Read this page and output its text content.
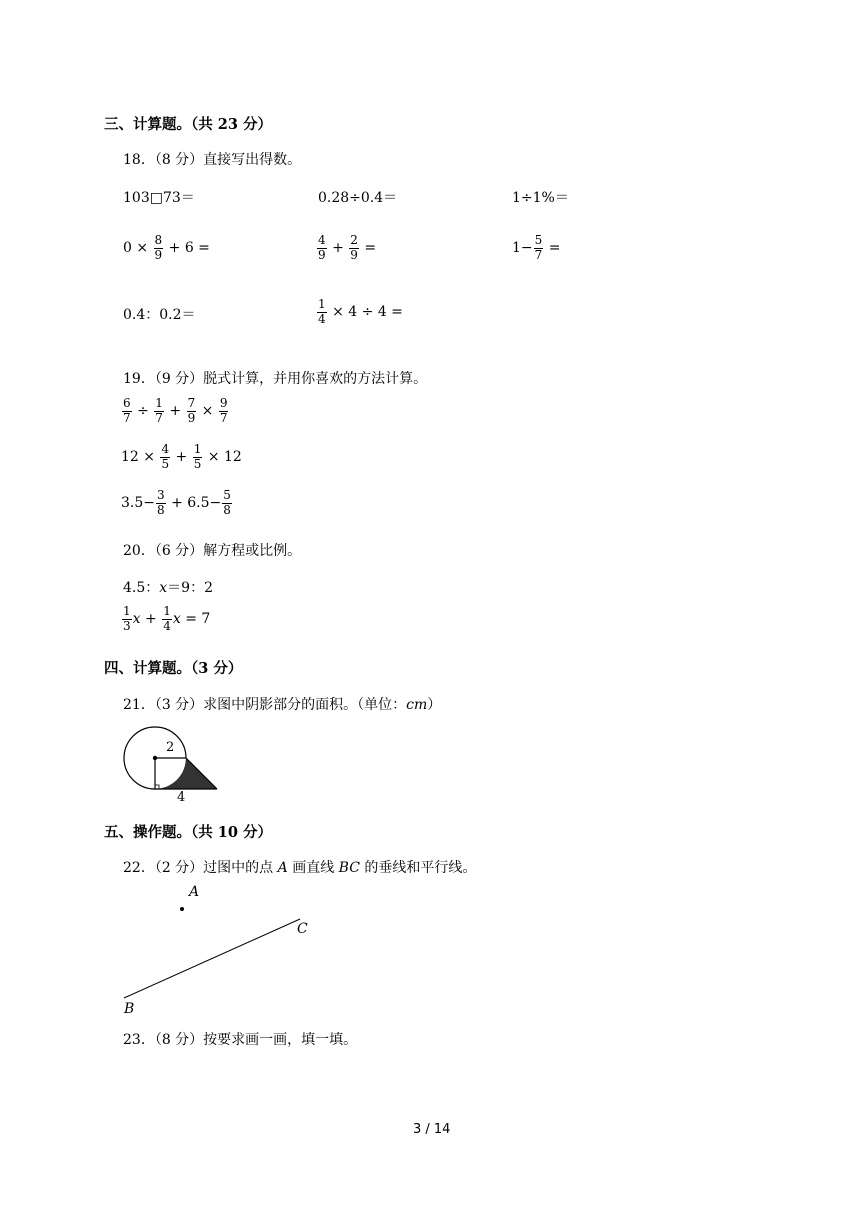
三、计算题。（共 23 分）
18．（8 分）直接写出得数。
103□73＝	0.28÷0.4＝	1÷1%＝
$0 \times \frac{8}{9} + 6$ =	$\frac{4}{9} + \frac{2}{9}$ =	$1- \frac{5}{7}$ =
0.4：0.2＝	$\frac{1}{4} \times 4 \div 4$ =
19．（9 分）脱式计算，并用你喜欢的方法计算。
$\frac{6}{7} \div \frac{1}{7} + \frac{7}{9} \times \frac{9}{7}$
$12 \times \frac{4}{5} + \frac{1}{5} \times 12$
$3.5- \frac{3}{8} + 6.5- \frac{5}{8}$
20．（6 分）解方程或比例。
4.5：x＝9：2
$\frac{1}{3}$ $x + \frac{1}{4}$ x = 7
四、计算题。（3 分）
21．（3 分）求图中阴影部分的面积。（单位：cm）
2
4
五、操作题。（共 10 分）
22．（2 分）过图中的点 A 画直线 BC 的垂线和平行线。
A
B
C
23．（8 分）按要求画一画，填一填。
3 / 14
